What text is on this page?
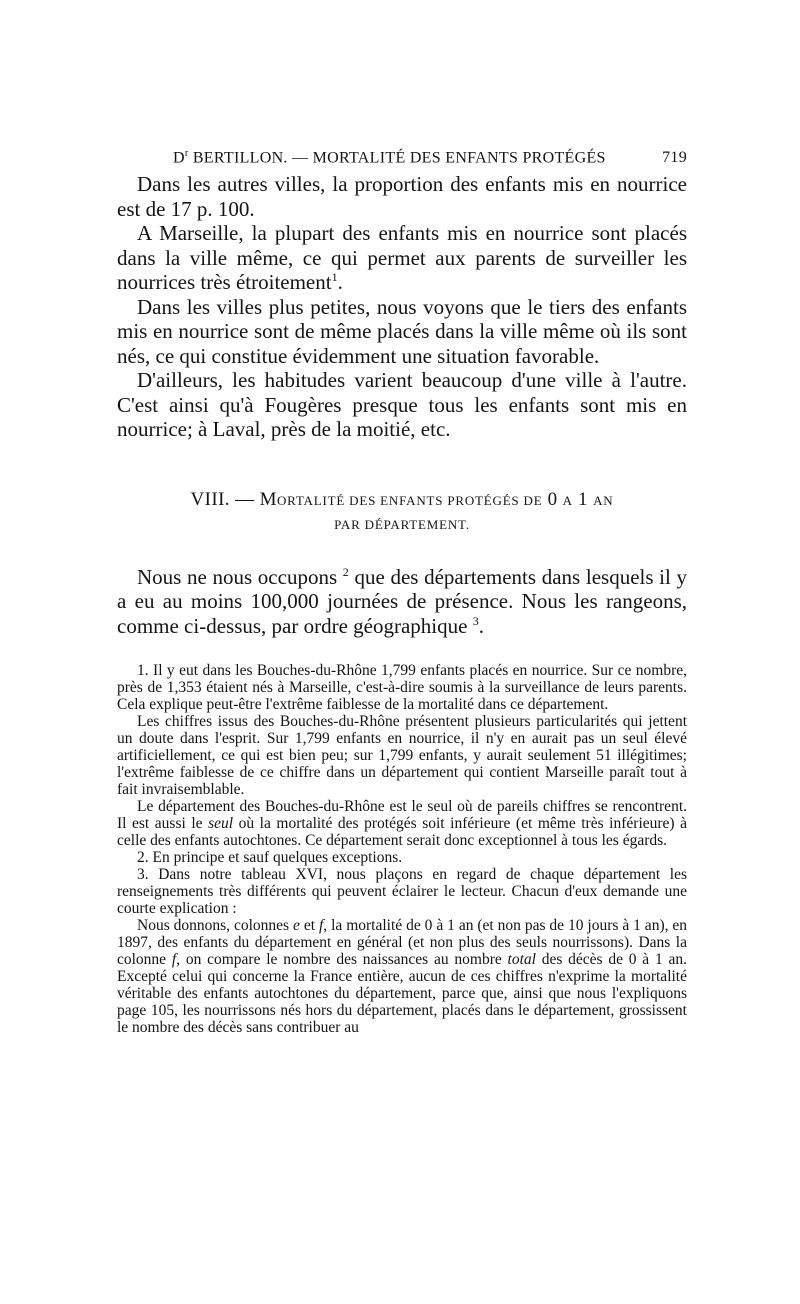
$D^r$ BERTILLON. — MORTALITÉ DES ENFANTS PROTÉGÉS	719

Dans les autres villes, la proportion des enfants mis en nourrice est de 17 p. 100.

A Marseille, la plupart des enfants mis en nourrice sont placés dans la ville même, ce qui permet aux parents de surveiller les nourrices très étroitement$^1$.

Dans les villes plus petites, nous voyons que le tiers des enfants mis en nourrice sont de même placés dans la ville même où ils sont nés, ce qui constitue évidemment une situation favorable.

D'ailleurs, les habitudes varient beaucoup d'une ville à l'autre. C'est ainsi qu'à Fougères presque tous les enfants sont mis en nourrice; à Laval, près de la moitié, etc.

VIII. — MORTALITÉ DES ENFANTS PROTÉGÉS DE 0 A 1 AN
PAR DÉPARTEMENT.

Nous ne nous occupons $^2$ que des départements dans lesquels il y a eu au moins 100,000 journées de présence. Nous les rangeons, comme ci-dessus, par ordre géographique $^3$.

1. Il y eut dans les Bouches-du-Rhône 1,799 enfants placés en nourrice. Sur ce nombre, près de 1,353 étaient nés à Marseille, c'est-à-dire soumis à la surveillance de leurs parents. Cela explique peut-être l'extrême faiblesse de la mortalité dans ce département.

Les chiffres issus des Bouches-du-Rhône présentent plusieurs particularités qui jettent un doute dans l'esprit. Sur 1,799 enfants en nourrice, il n'y en aurait pas un seul élevé artificiellement, ce qui est bien peu; sur 1,799 enfants, y aurait seulement 51 illégitimes; l'extrême faiblesse de ce chiffre dans un département qui contient Marseille paraît tout à fait invraisemblable.

Le département des Bouches-du-Rhône est le seul où de pareils chiffres se rencontrent. Il est aussi le seul où la mortalité des protégés soit inférieure (et même très inférieure) à celle des enfants autochtones. Ce département serait donc exceptionnel à tous les égards.

2. En principe et sauf quelques exceptions.

3. Dans notre tableau XVI, nous plaçons en regard de chaque département les renseignements très différents qui peuvent éclairer le lecteur. Chacun d'eux demande une courte explication :

Nous donnons, colonnes e et f, la mortalité de 0 à 1 an (et non pas de 10 jours à 1 an), en 1897, des enfants du département en général (et non plus des seuls nourrissons). Dans la colonne f, on compare le nombre des naissances au nombre total des décès de 0 à 1 an. Excepté celui qui concerne la France entière, aucun de ces chiffres n'exprime la mortalité véritable des enfants autochtones du département, parce que, ainsi que nous l'expliquons page 105, les nourrissons nés hors du département, placés dans le département, grossissent le nombre des décès sans contribuer au
